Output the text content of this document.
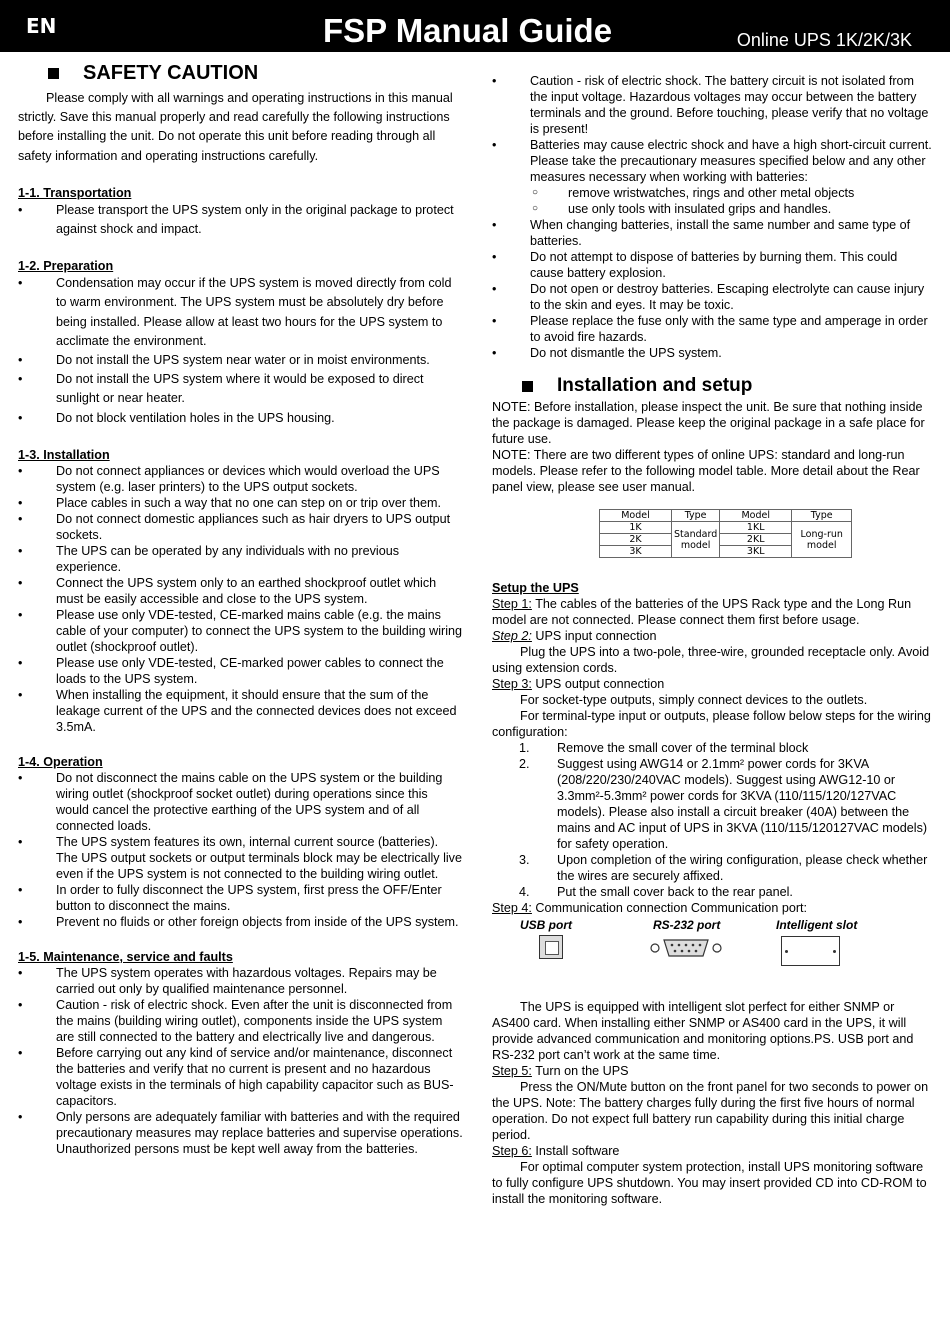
EN	FSP Manual Guide	Online UPS 1K/2K/3K
SAFETY CAUTION
Please comply with all warnings and operating instructions in this manual strictly. Save this manual properly and read carefully the following instructions before installing the unit. Do not operate this unit before reading through all safety information and operating instructions carefully.
1-1. Transportation
• Please transport the UPS system only in the original package to protect against shock and impact.
1-2. Preparation
• Condensation may occur if the UPS system is moved directly from cold to warm environment. The UPS system must be absolutely dry before being installed. Please allow at least two hours for the UPS system to acclimate the environment.
• Do not install the UPS system near water or in moist environments.
• Do not install the UPS system where it would be exposed to direct sunlight or near heater.
• Do not block ventilation holes in the UPS housing.
1-3. Installation
• Do not connect appliances or devices which would overload the UPS system (e.g. laser printers) to the UPS output sockets.
• Place cables in such a way that no one can step on or trip over them.
• Do not connect domestic appliances such as hair dryers to UPS output sockets.
• The UPS can be operated by any individuals with no previous experience.
• Connect the UPS system only to an earthed shockproof outlet which must be easily accessible and close to the UPS system.
• Please use only VDE-tested, CE-marked mains cable (e.g. the mains cable of your computer) to connect the UPS system to the building wiring outlet (shockproof outlet).
• Please use only VDE-tested, CE-marked power cables to connect the loads to the UPS system.
• When installing the equipment, it should ensure that the sum of the leakage current of the UPS and the connected devices does not exceed 3.5mA.
1-4. Operation
• Do not disconnect the mains cable on the UPS system or the building wiring outlet (shockproof socket outlet) during operations since this would cancel the protective earthing of the UPS system and of all connected loads.
• The UPS system features its own, internal current source (batteries). The UPS output sockets or output terminals block may be electrically live even if the UPS system is not connected to the building wiring outlet.
• In order to fully disconnect the UPS system, first press the OFF/Enter button to disconnect the mains.
• Prevent no fluids or other foreign objects from inside of the UPS system.
1-5. Maintenance, service and faults
• The UPS system operates with hazardous voltages. Repairs may be carried out only by qualified maintenance personnel.
• Caution - risk of electric shock. Even after the unit is disconnected from the mains (building wiring outlet), components inside the UPS system are still connected to the battery and electrically live and dangerous.
• Before carrying out any kind of service and/or maintenance, disconnect the batteries and verify that no current is present and no hazardous voltage exists in the terminals of high capability capacitor such as BUS-capacitors.
• Only persons are adequately familiar with batteries and with the required precautionary measures may replace batteries and supervise operations. Unauthorized persons must be kept well away from the batteries.
• Caution - risk of electric shock. The battery circuit is not isolated from the input voltage. Hazardous voltages may occur between the battery terminals and the ground. Before touching, please verify that no voltage is present!
• Batteries may cause electric shock and have a high short-circuit current. Please take the precautionary measures specified below and any other measures necessary when working with batteries:
○ remove wristwatches, rings and other metal objects
○ use only tools with insulated grips and handles.
• When changing batteries, install the same number and same type of batteries.
• Do not attempt to dispose of batteries by burning them. This could cause battery explosion.
• Do not open or destroy batteries. Escaping electrolyte can cause injury to the skin and eyes. It may be toxic.
• Please replace the fuse only with the same type and amperage in order to avoid fire hazards.
• Do not dismantle the UPS system.
Installation and setup
NOTE: Before installation, please inspect the unit. Be sure that nothing inside the package is damaged. Please keep the original package in a safe place for future use.
NOTE: There are two different types of online UPS: standard and long-run models. Please refer to the following model table. More detail about the Rear panel view, please see user manual.
Model	Type	Model	Type
1K	Standard model	1KL	Long-run model
2K		2KL	
3K		3KL	
Setup the UPS
Step 1: The cables of the batteries of the UPS Rack type and the Long Run model are not connected. Please connect them first before usage.
Step 2: UPS input connection
Plug the UPS into a two-pole, three-wire, grounded receptacle only. Avoid using extension cords.
Step 3: UPS output connection
For socket-type outputs, simply connect devices to the outlets.
For terminal-type input or outputs, please follow below steps for the wiring configuration:
1. Remove the small cover of the terminal block
2. Suggest using AWG14 or 2.1mm² power cords for 3KVA (208/220/230/240VAC models). Suggest using AWG12-10 or 3.3mm²-5.3mm² power cords for 3KVA (110/115/120/127VAC models). Please also install a circuit breaker (40A) between the mains and AC input of UPS in 3KVA (110/115/120127VAC models) for safety operation.
3. Upon completion of the wiring configuration, please check whether the wires are securely affixed.
4. Put the small cover back to the rear panel.
Step 4: Communication connection Communication port:
USB port	RS-232 port	Intelligent slot
The UPS is equipped with intelligent slot perfect for either SNMP or AS400 card. When installing either SNMP or AS400 card in the UPS, it will provide advanced communication and monitoring options.PS. USB port and RS-232 port can’t work at the same time.
Step 5: Turn on the UPS
Press the ON/Mute button on the front panel for two seconds to power on the UPS. Note: The battery charges fully during the first five hours of normal operation. Do not expect full battery run capability during this initial charge period.
Step 6: Install software
For optimal computer system protection, install UPS monitoring software to fully configure UPS shutdown. You may insert provided CD into CD-ROM to install the monitoring software.
